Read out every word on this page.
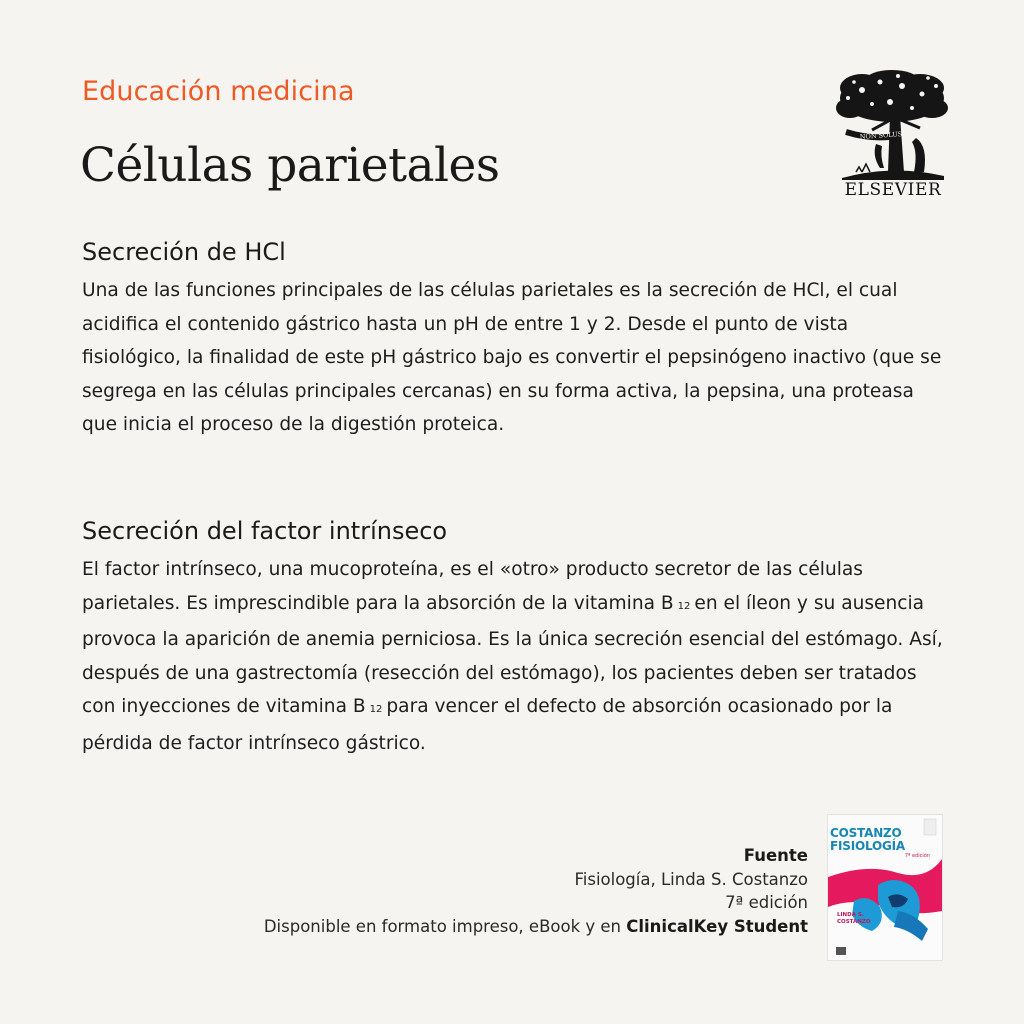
Educación medicina
Células parietales
NON SOLUS
ELSEVIER
Secreción de HCl

Una de las funciones principales de las células parietales es la secreción de HCl, el cual acidifica el contenido gástrico hasta un pH de entre 1 y 2. Desde el punto de vista fisiológico, la finalidad de este pH gástrico bajo es convertir el pepsinógeno inactivo (que se segrega en las células principales cercanas) en su forma activa, la pepsina, una proteasa que inicia el proceso de la digestión proteica.

Secreción del factor intrínseco

El factor intrínseco, una mucoproteína, es el «otro» producto secretor de las células parietales. Es imprescindible para la absorción de la vitamina B 12 en el íleon y su ausencia provoca la aparición de anemia perniciosa. Es la única secreción esencial del estómago. Así, después de una gastrectomía (resección del estómago), los pacientes deben ser tratados con inyecciones de vitamina B 12 para vencer el defecto de absorción ocasionado por la pérdida de factor intrínseco gástrico.

Fuente
Fisiología, Linda S. Costanzo
7ª edición
Disponible en formato impreso, eBook y en ClinicalKey Student
COSTANZO
FISIOLOGÍA
7ª edición
LINDA S.
COSTANZO
